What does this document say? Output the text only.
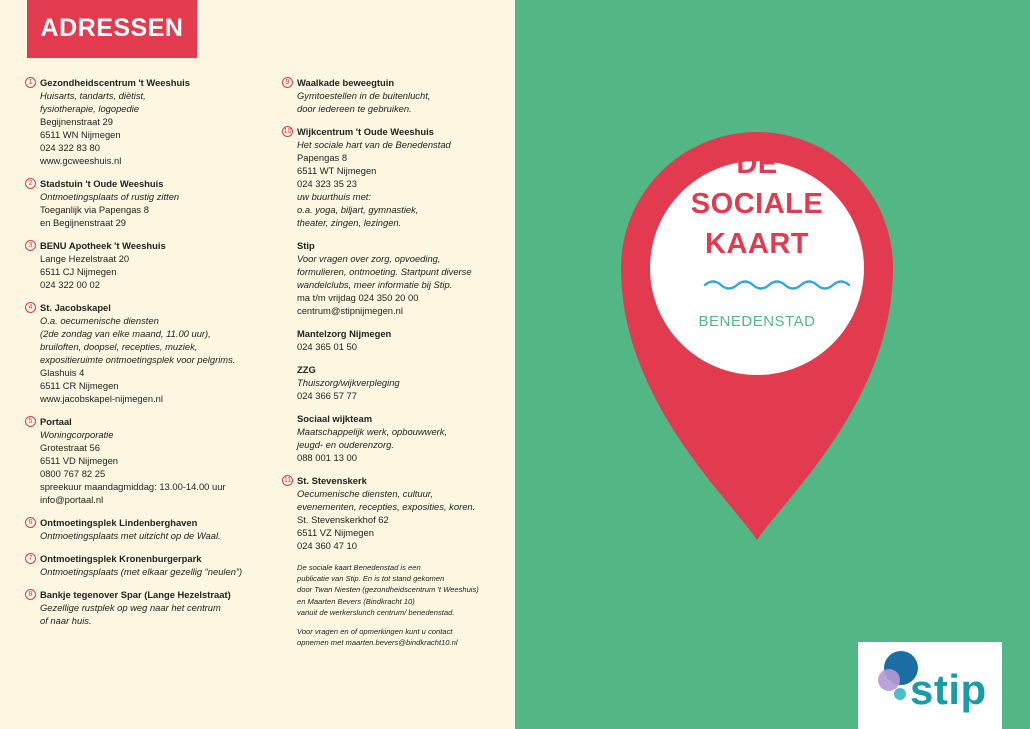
ADRESSEN
1 Gezondheidscentrum 't Weeshuis
Huisarts, tandarts, diëtist,
fysiotherapie, logopedie
Begijnenstraat 29
6511 WN Nijmegen
024 322 83 80
www.gcweeshuis.nl
2 Stadstuin 't Oude Weeshuis
Ontmoetingsplaats of rustig zitten
Toeganlijk via Papengas 8
en Begijnenstraat 29
3 BENU Apotheek 't Weeshuis
Lange Hezelstraat 20
6511 CJ Nijmegen
024 322 00 02
4 St. Jacobskapel
O.a. oecumenische diensten
(2de zondag van elke maand, 11.00 uur),
bruiloften, doopsel, recepties, muziek,
expositieruimte ontmoetingsplek voor pelgrims.
Glashuis 4
6511 CR Nijmegen
www.jacobskapel-nijmegen.nl
5 Portaal
Woningcorporatie
Grotestraat 56
6511 VD Nijmegen
0800 767 82 25
spreekuur maandagmiddag: 13.00-14.00 uur
info@portaal.nl
6 Ontmoetingsplek Lindenberghaven
Ontmoetingsplaats met uitzicht op de Waal.
7 Ontmoetingsplek Kronenburgerpark
Ontmoetingsplaats (met elkaar gezellig “neulen”)
8 Bankje tegenover Spar (Lange Hezelstraat)
Gezellige rustplek op weg naar het centrum
of naar huis.
9 Waalkade beweegtuin
Gymtoestellen in de buitenlucht,
door iedereen te gebruiken.
10 Wijkcentrum 't Oude Weeshuis
Het sociale hart van de Benedenstad
Papengas 8
6511 WT Nijmegen
024 323 35 23
uw buurthuis met:
o.a. yoga, biljart, gymnastiek,
theater, zingen, lezingen.
Stip
Voor vragen over zorg, opvoeding,
formulieren, ontmoeting. Startpunt diverse
wandelclubs, meer informatie bij Stip.
ma t/m vrijdag 024 350 20 00
centrum@stipnijmegen.nl
Mantelzorg Nijmegen
024 365 01 50
ZZG
Thuiszorg/wijkverpleging
024 366 57 77
Sociaal wijkteam
Maatschappelijk werk, opbouwwerk,
jeugd- en ouderenzorg.
088 001 13 00
11 St. Stevenskerk
Oecumenische diensten, cultuur,
evenementen, recepties, exposities, koren.
St. Stevenskerkhof 62
6511 VZ Nijmegen
024 360 47 10
De sociale kaart Benedenstad is een
publicatie van Stip. En is tot stand gekomen
door Twan Niesten (gezondheidscentrum 't Weeshuis)
en Maarten Bevers (Bindkracht 10)
vanuit de werkerslunch centrum/ benedenstad.
Voor vragen en of opmerkingen kunt u contact
opnemen met maarten.bevers@bindkracht10.nl
DE
SOCIALE
KAART
BENEDENSTAD
stip
